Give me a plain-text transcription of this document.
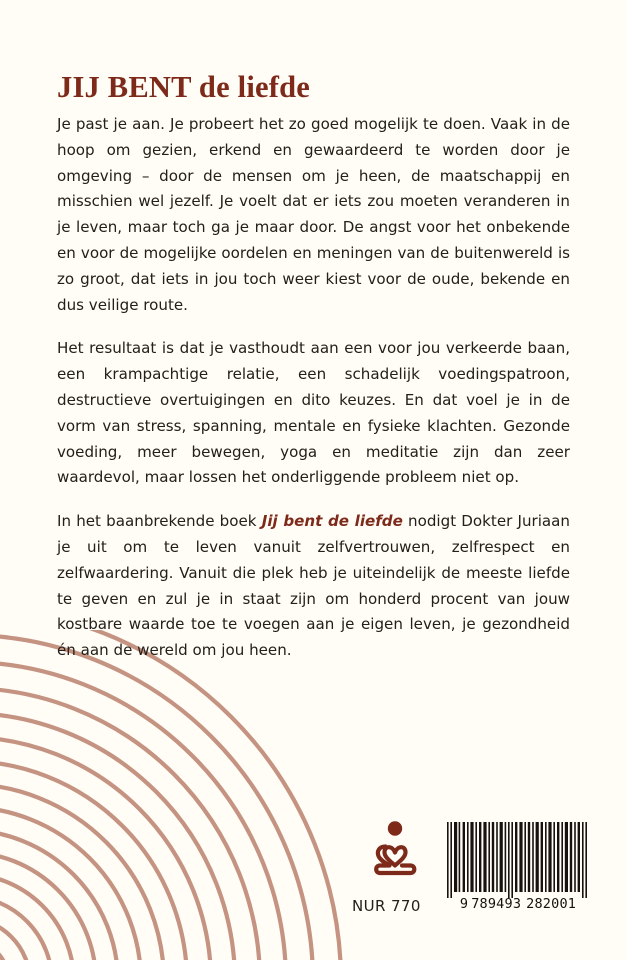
JIJ BENT de liefde

Je past je aan. Je probeert het zo goed mogelijk te doen. Vaak in de hoop om gezien, erkend en gewaardeerd te worden door je omgeving – door de mensen om je heen, de maatschappij en misschien wel jezelf. Je voelt dat er iets zou moeten veranderen in je leven, maar toch ga je maar door. De angst voor het onbekende en voor de mogelijke oordelen en meningen van de buitenwereld is zo groot, dat iets in jou toch weer kiest voor de oude, bekende en dus veilige route.

Het resultaat is dat je vasthoudt aan een voor jou verkeerde baan, een krampachtige relatie, een schadelijk voedingspatroon, destructieve overtuigingen en dito keuzes. En dat voel je in de vorm van stress, spanning, mentale en fysieke klachten. Gezonde voeding, meer bewegen, yoga en meditatie zijn dan zeer waardevol, maar lossen het onderliggende probleem niet op.

In het baanbrekende boek Jij bent de liefde nodigt Dokter Juriaan je uit om te leven vanuit zelfvertrouwen, zelfrespect en zelfwaardering. Vanuit die plek heb je uiteindelijk de meeste liefde te geven en zul je in staat zijn om honderd procent van jouw kostbare waarde toe te voegen aan je eigen leven, je gezondheid én aan de wereld om jou heen.

NUR 770	9 789493 282001
